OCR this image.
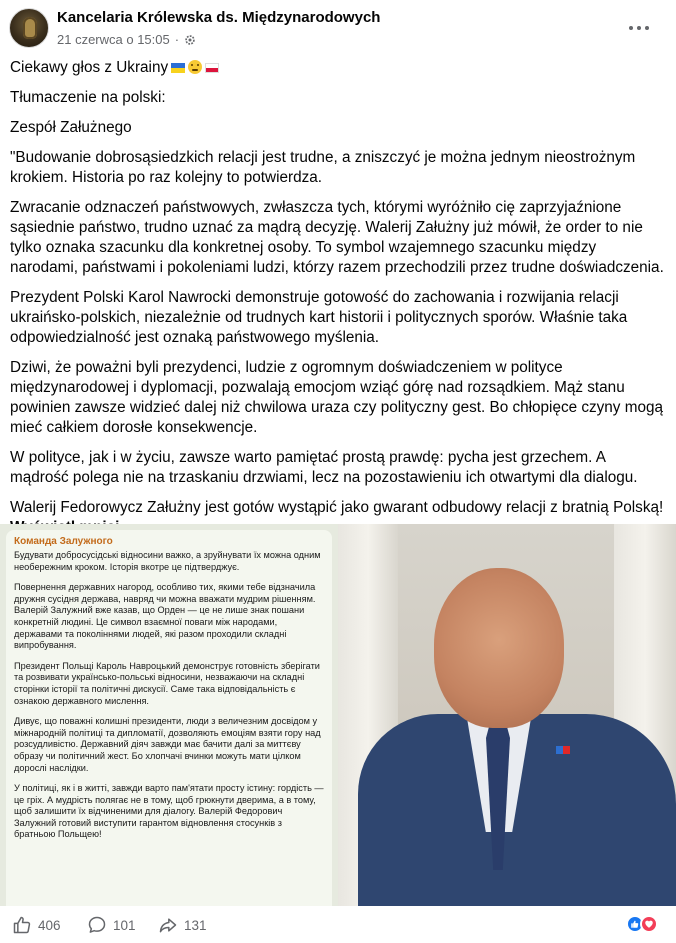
Kancelaria Królewska ds. Międzynarodowych
21 czerwca o 15:05 ·

Ciekawy głos z Ukrainy

Tłumaczenie na polski:

Zespół Załużnego

"Budowanie dobrosąsiedzkich relacji jest trudne, a zniszczyć je można jednym nieostrożnym krokiem. Historia po raz kolejny to potwierdza.

Zwracanie odznaczeń państwowych, zwłaszcza tych, którymi wyróżniło cię zaprzyjaźnione sąsiednie państwo, trudno uznać za mądrą decyzję. Walerij Załużny już mówił, że order to nie tylko oznaka szacunku dla konkretnej osoby. To symbol wzajemnego szacunku między narodami, państwami i pokoleniami ludzi, którzy razem przechodzili przez trudne doświadczenia.

Prezydent Polski Karol Nawrocki demonstruje gotowość do zachowania i rozwijania relacji ukraińsko-polskich, niezależnie od trudnych kart historii i politycznych sporów. Właśnie taka odpowiedzialność jest oznaką państwowego myślenia.

Dziwi, że poważni byli prezydenci, ludzie z ogromnym doświadczeniem w polityce międzynarodowej i dyplomacji, pozwalają emocjom wziąć górę nad rozsądkiem. Mąż stanu powinien zawsze widzieć dalej niż chwilowa uraza czy polityczny gest. Bo chłopięce czyny mogą mieć całkiem dorosłe konsekwencje.

W polityce, jak i w życiu, zawsze warto pamiętać prostą prawdę: pycha jest grzechem. A mądrość polega nie na trzaskaniu drzwiami, lecz na pozostawieniu ich otwartymi dla dialogu.

Walerij Fedorowycz Załużny jest gotów wystąpić jako gwarant odbudowy relacji z bratnią Polską!

Команда Залужного
Будувати добросусідські відносини важко, а зруйнувати їх можна одним необережним кроком. Історія вкотре це підтверджує.
Повернення державних нагород, особливо тих, якими тебе відзначила дружня сусідня держава, навряд чи можна вважати мудрим рішенням. Валерій Залужний вже казав, що Орден — це не лише знак пошани конкретній людині. Це символ взаємної поваги між народами, державами та поколіннями людей, які разом проходили складні випробування.
Президент Польщі Кароль Навроцький демонструє готовність зберігати та розвивати українсько-польські відносини, незважаючи на складні сторінки історії та політичні дискусії. Саме така відповідальність є ознакою державного мислення.
Дивує, що поважні колишні президенти, люди з величезним досвідом у міжнародній політиці та дипломатії, дозволяють емоціям взяти гору над розсудливістю. Державний діяч завжди має бачити далі за миттєву образу чи політичний жест. Бо хлопчачі вчинки можуть мати цілком дорослі наслідки.
У політиці, як і в житті, завжди варто пам'ятати просту істину: гордість — це гріх. А мудрість полягає не в тому, щоб грюкнути дверима, а в тому, щоб залишити їх відчиненими для діалогу. Валерій Федорович Залужний готовий виступити гарантом відновлення стосунків з братньою Польщею!
406	101	131
